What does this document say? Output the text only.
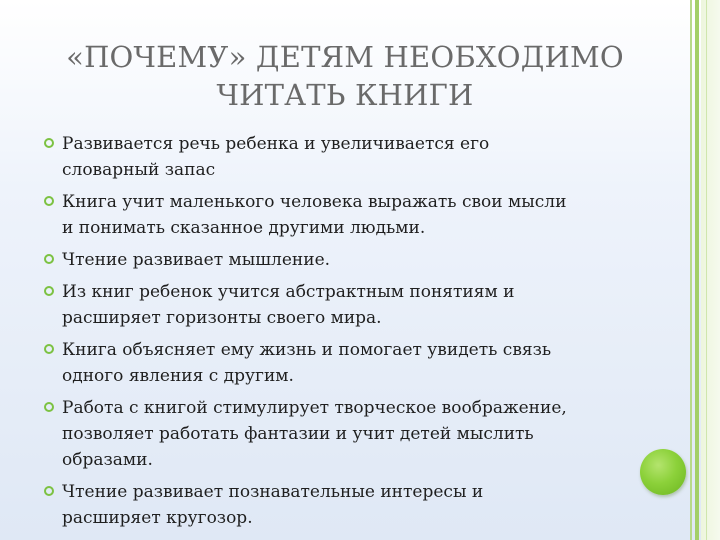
«ПОЧЕМУ» ДЕТЯМ НЕОБХОДИМО
ЧИТАТЬ КНИГИ
Развивается речь ребенка и увеличивается его
словарный запас
Книга учит маленького человека выражать свои мысли
и понимать сказанное другими людьми.
Чтение развивает мышление.
Из книг ребенок учится абстрактным понятиям и
расширяет горизонты своего мира.
Книга объясняет ему жизнь и помогает увидеть связь
одного явления с другим.
Работа с книгой стимулирует творческое воображение,
позволяет работать фантазии и учит детей мыслить
образами.
Чтение развивает познавательные интересы и
расширяет кругозор.
